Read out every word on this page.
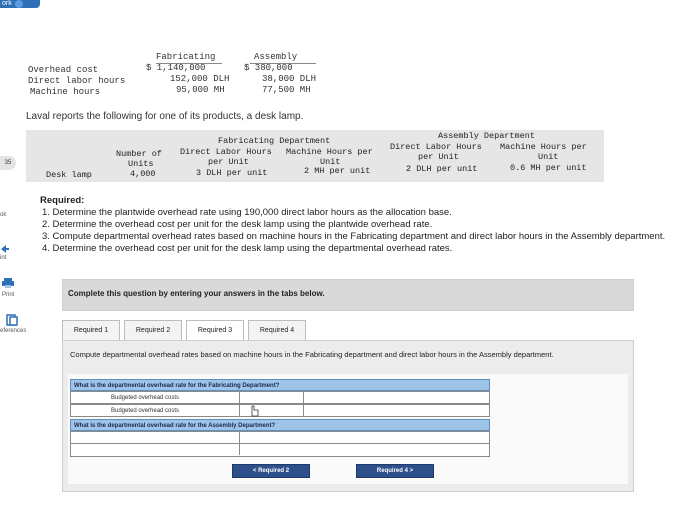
ork
35
ok
int
Print
eferences
Fabricating	Assembly
Overhead cost	$ 1,140,000	$ 380,000
Direct labor hours	152,000 DLH	38,000 DLH
Machine hours	95,000 MH	77,500 MH
Laval reports the following for one of its products, a desk lamp.
Fabricating Department	Assembly Department
Number of
Units
Direct Labor Hours
per Unit
Machine Hours per
Unit
Direct Labor Hours
per Unit
Machine Hours per
Unit
Desk lamp	4,000	3 DLH per unit	2 MH per unit	2 DLH per unit	0.6 MH per unit
Required:
1. Determine the plantwide overhead rate using 190,000 direct labor hours as the allocation base.
2. Determine the overhead cost per unit for the desk lamp using the plantwide overhead rate.
3. Compute departmental overhead rates based on machine hours in the Fabricating department and direct labor hours in the Assembly department.
4. Determine the overhead cost per unit for the desk lamp using the departmental overhead rates.
Complete this question by entering your answers in the tabs below.
Required 1	Required 2	Required 3	Required 4
Compute departmental overhead rates based on machine hours in the Fabricating department and direct labor hours in the Assembly department.
What is the departmental overhead rate for the Fabricating Department?
Budgeted overhead costs
Budgeted overhead costs
What is the departmental overhead rate for the Assembly Department?
< Required 2	Required 4 >
